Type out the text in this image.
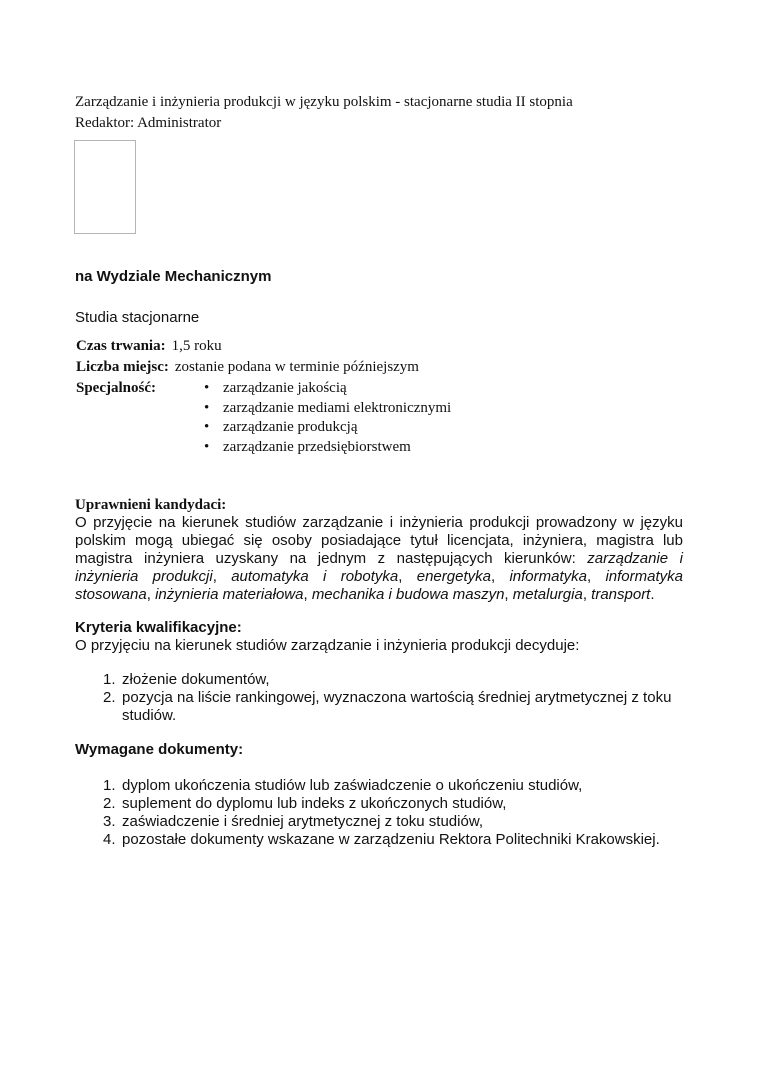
Zarządzanie i inżynieria produkcji w języku polskim - stacjonarne studia II stopnia
Redaktor: Administrator
na Wydziale Mechanicznym
Studia stacjonarne
Czas trwania: 1,5 roku
Liczba miejsc: zostanie podana w terminie późniejszym
Specjalność:
•	zarządzanie jakością
• zarządzanie mediami elektronicznymi
• zarządzanie produkcją
• zarządzanie przedsiębiorstwem
Uprawnieni kandydaci:
O przyjęcie na kierunek studiów zarządzanie i inżynieria produkcji prowadzony w języku polskim mogą ubiegać się osoby posiadające tytuł licencjata, inżyniera, magistra lub magistra inżyniera uzyskany na jednym z następujących kierunków: zarządzanie i inżynieria produkcji, automatyka i robotyka, energetyka, informatyka, informatyka stosowana, inżynieria materiałowa, mechanika i budowa maszyn, metalurgia, transport.
Kryteria kwalifikacyjne:
O przyjęciu na kierunek studiów zarządzanie i inżynieria produkcji decyduje:
1. złożenie dokumentów,
2. pozycja na liście rankingowej, wyznaczona wartością średniej arytmetycznej z toku studiów.
Wymagane dokumenty:
1. dyplom ukończenia studiów lub zaświadczenie o ukończeniu studiów,
2. suplement do dyplomu lub indeks z ukończonych studiów,
3. zaświadczenie i średniej arytmetycznej z toku studiów,
4. pozostałe dokumenty wskazane w zarządzeniu Rektora Politechniki Krakowskiej.
